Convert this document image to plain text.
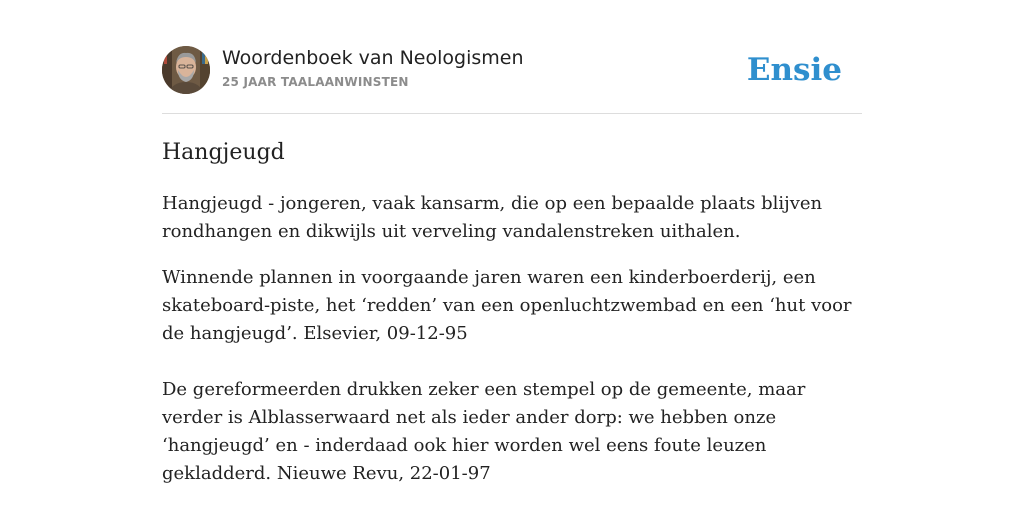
Woordenboek van Neologismen
25 JAAR TAALAANWINSTEN	Ensie
Hangjeugd

Hangjeugd - jongeren, vaak kansarm, die op een bepaalde plaats blijven rondhangen en dikwijls uit verveling vandalenstreken uithalen.

Winnende plannen in voorgaande jaren waren een kinderboerderij, een skateboard-piste, het ‘redden’ van een openluchtzwembad en een ‘hut voor de hangjeugd’. Elsevier, 09-12-95

De gereformeerden drukken zeker een stempel op de gemeente, maar verder is Alblasserwaard net als ieder ander dorp: we hebben onze ‘hangjeugd’ en - inderdaad ook hier worden wel eens foute leuzen gekladderd. Nieuwe Revu, 22-01-97
